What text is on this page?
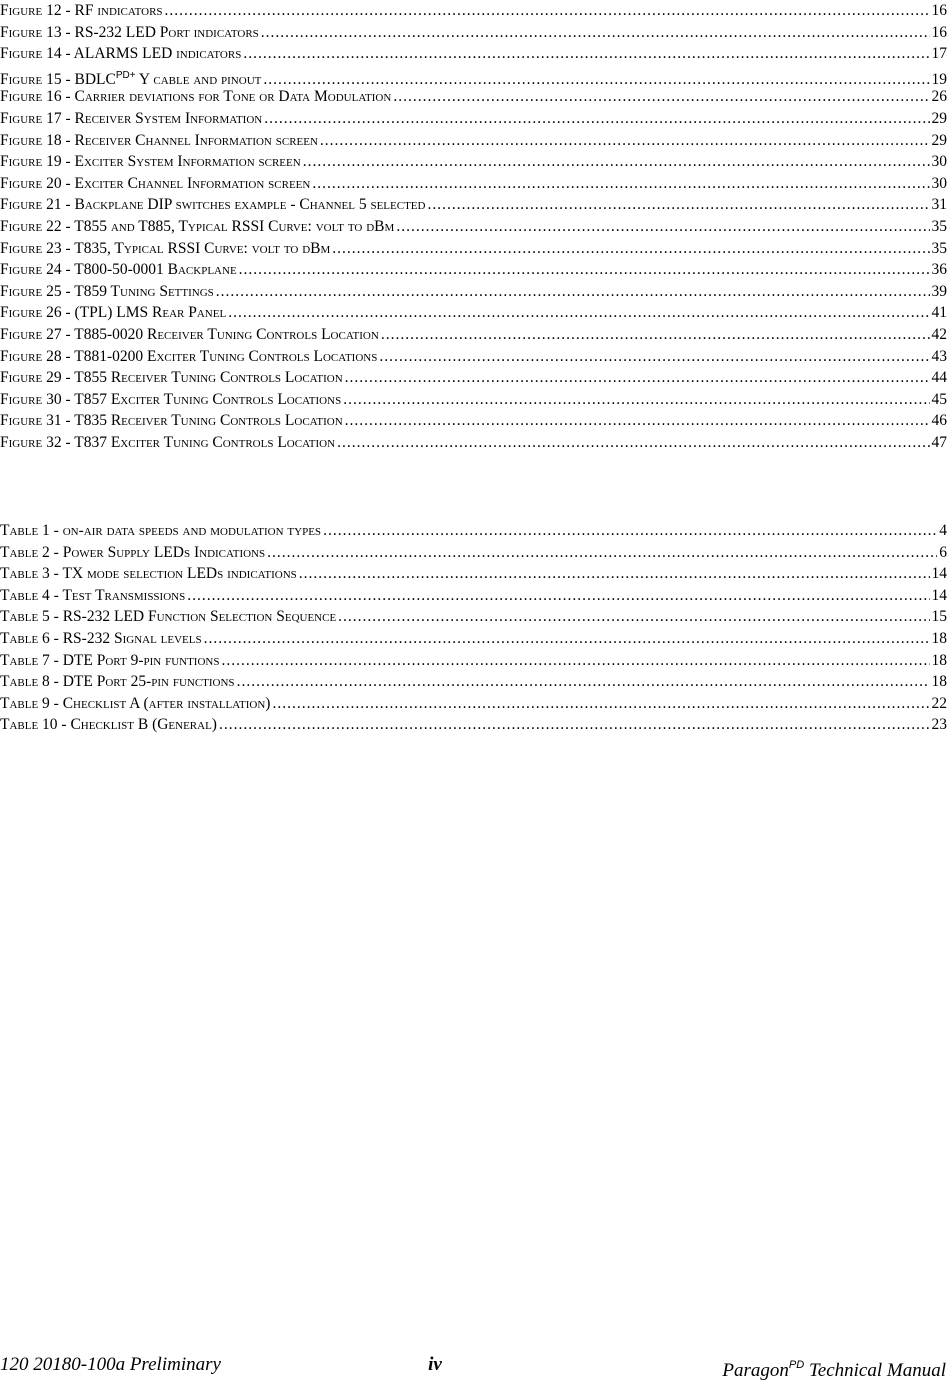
Figure 12 - RF indicators .....	16
Figure 13 - RS-232 LED Port indicators .....	16
Figure 14 - ALARMS LED indicators .....	17
Figure $15 - BDLC^{PD+}$ Y cable and pinout .....	19
Figure 16 - Carrier deviations for Tone or Data Modulation .....	26
Figure 17 - Receiver System Information .....	29
Figure 18 - Receiver Channel Information screen .....	29
Figure 19 - Exciter System Information screen .....	30
Figure 20 - Exciter Channel Information screen .....	30
Figure 21 - Backplane DIP switches example - Channel 5 selected .....	31
Figure 22 - T855 and T885, Typical RSSI Curve: volt to dBm .....	35
Figure 23 - T835, Typical RSSI Curve: volt to dBm .....	35
Figure 24 - T800-50-0001 Backplane .....	36
Figure 25 - T859 Tuning Settings .....	39
Figure 26 - (TPL) LMS Rear Panel .....	41
Figure 27 - T885-0020 Receiver Tuning Controls Location .....	42
Figure 28 - T881-0200 Exciter Tuning Controls Locations .....	43
Figure 29 - T855 Receiver Tuning Controls Location .....	44
Figure 30 - T857 Exciter Tuning Controls Locations .....	45
Figure 31 - T835 Receiver Tuning Controls Location .....	46
Figure 32 - T837 Exciter Tuning Controls Location .....	47
Table 1 - on-air data speeds and modulation types .....	4
Table 2 - Power Supply LEDs Indications .....	6
Table 3 - TX mode selection LEDs indications .....	14
Table 4 - Test Transmissions .....	14
Table 5 - RS-232 LED Function Selection Sequence .....	15
Table 6 - RS-232 Signal levels .....	18
Table 7 - DTE Port 9-pin funtions .....	18
Table 8 - DTE Port 25-pin functions .....	18
Table 9 - Checklist A (after installation) .....	22
Table 10 - Checklist B (General) .....	23
120 20180-100a Preliminary	iv	Paragon$^{PD}$ Technical Manual
